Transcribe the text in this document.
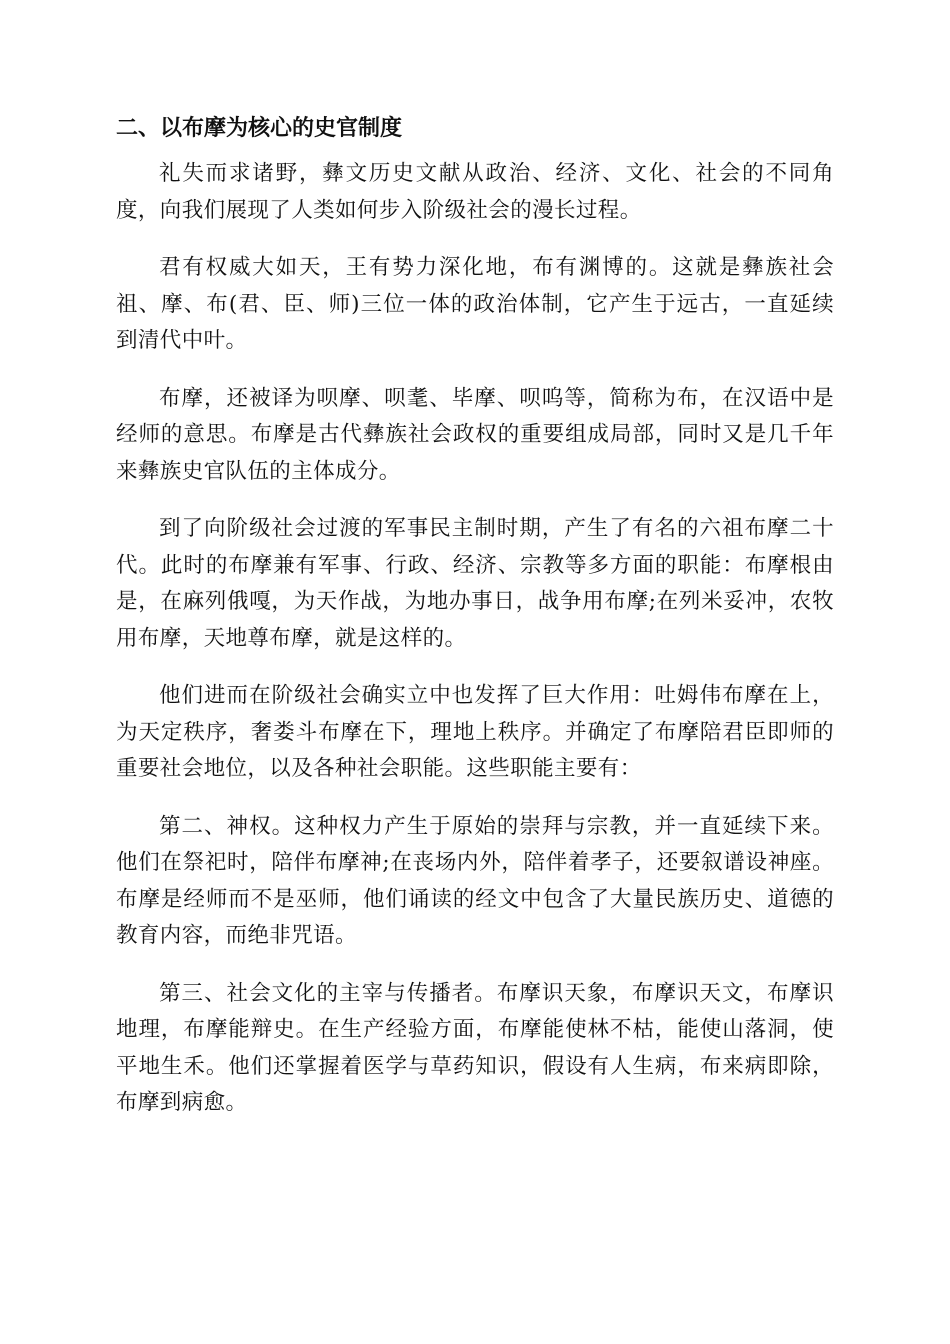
二、以布摩为核心的史官制度

礼失而求诸野，彝文历史文献从政治、经济、文化、社会的不同角度，向我们展现了人类如何步入阶级社会的漫长过程。

君有权威大如天，王有势力深化地，布有渊博的。这就是彝族社会祖、摩、布(君、臣、师)三位一体的政治体制，它产生于远古，一直延续到清代中叶。

布摩，还被译为呗摩、呗耄、毕摩、呗呜等，简称为布，在汉语中是经师的意思。布摩是古代彝族社会政权的重要组成局部，同时又是几千年来彝族史官队伍的主体成分。

到了向阶级社会过渡的军事民主制时期，产生了有名的六祖布摩二十代。此时的布摩兼有军事、行政、经济、宗教等多方面的职能：布摩根由是，在麻列俄嘎，为天作战，为地办事日，战争用布摩;在列米妥冲，农牧用布摩，天地尊布摩，就是这样的。

他们进而在阶级社会确实立中也发挥了巨大作用：吐姆伟布摩在上，为天定秩序，奢娄斗布摩在下，理地上秩序。并确定了布摩陪君臣即师的重要社会地位，以及各种社会职能。这些职能主要有：

第二、神权。这种权力产生于原始的崇拜与宗教，并一直延续下来。他们在祭祀时，陪伴布摩神;在丧场内外，陪伴着孝子，还要叙谱设神座。布摩是经师而不是巫师，他们诵读的经文中包含了大量民族历史、道德的教育内容，而绝非咒语。

第三、社会文化的主宰与传播者。布摩识天象，布摩识天文，布摩识地理，布摩能辩史。在生产经验方面，布摩能使林不枯，能使山落洞，使平地生禾。他们还掌握着医学与草药知识，假设有人生病，布来病即除，布摩到病愈。
